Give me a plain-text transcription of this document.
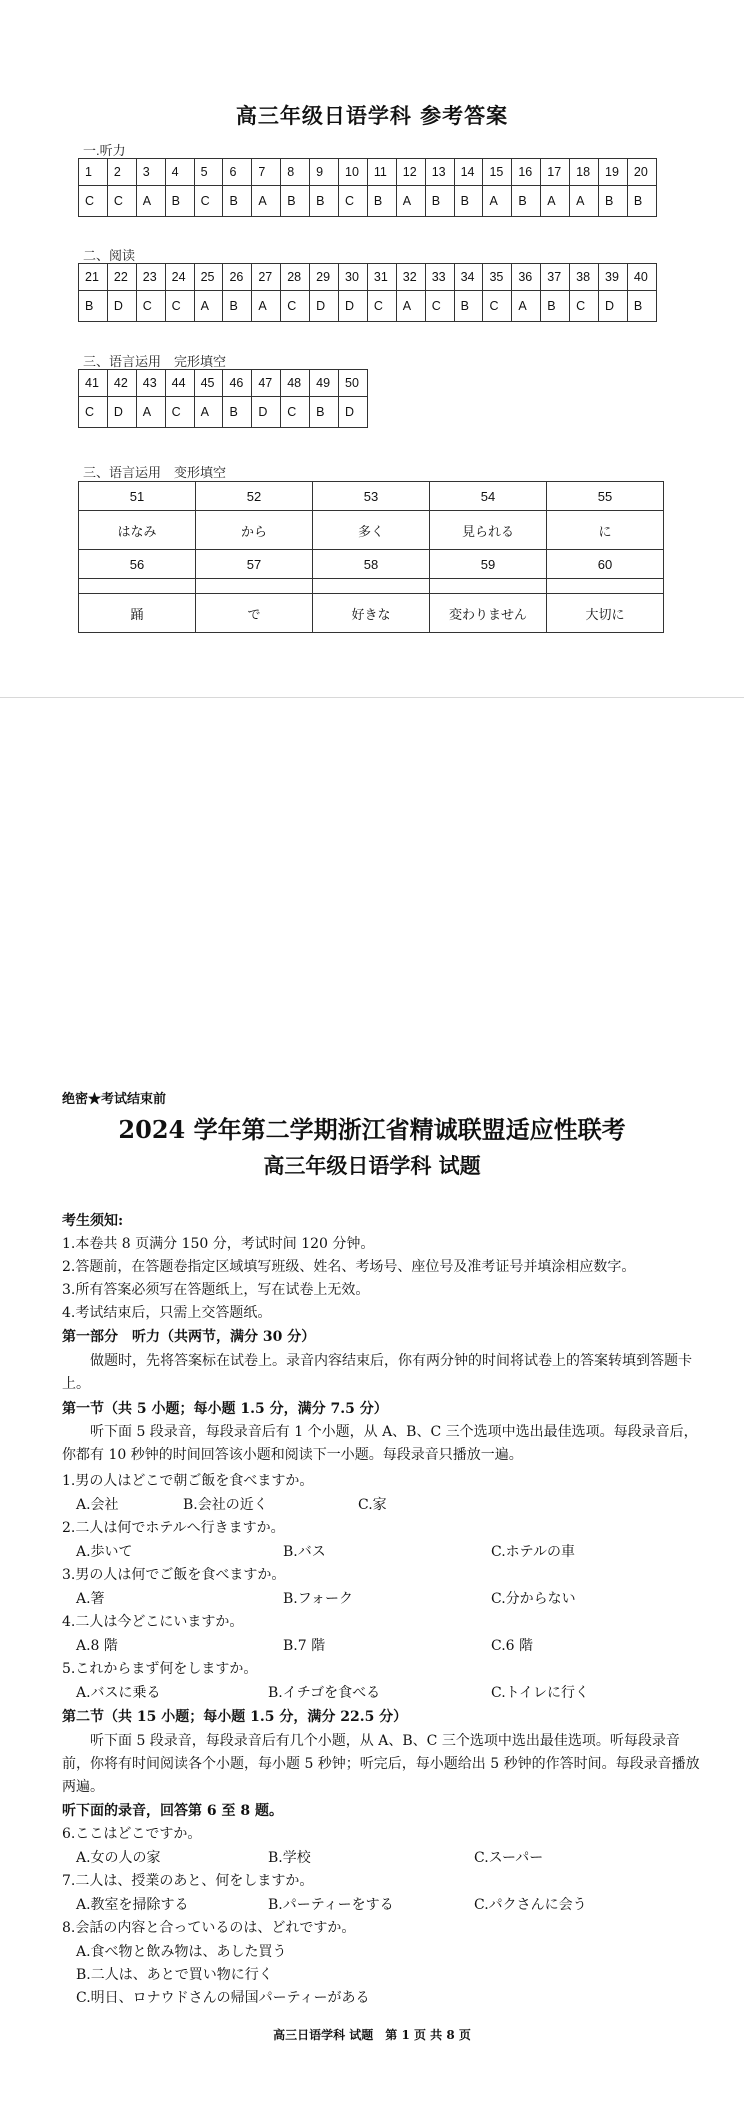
高三年级日语学科 参考答案
一.听力
1	2	3	4	5	6	7	8	9	10	11	12	13	14	15	16	17	18	19	20
C	C	A	B	C	B	A	B	B	C	B	A	B	B	A	B	A	A	B	B
二、阅读
21	22	23	24	25	26	27	28	29	30	31	32	33	34	35	36	37	38	39	40
B	D	C	C	A	B	A	C	D	D	C	A	C	B	C	A	B	C	D	B
三、语言运用　完形填空
41	42	43	44	45	46	47	48	49	50
C	D	A	C	A	B	D	C	B	D
三、语言运用　变形填空
51	52	53	54	55
はなみ	から	多く	見られる	に
56	57	58	59	60

踊	で	好きな	変わりません	大切に
绝密★考试结束前
2024 学年第二学期浙江省精诚联盟适应性联考
高三年级日语学科 试题
考生须知:
1.本卷共 8 页满分 150 分，考试时间 120 分钟。
2.答题前，在答题卷指定区域填写班级、姓名、考场号、座位号及准考证号并填涂相应数字。
3.所有答案必须写在答题纸上，写在试卷上无效。
4.考试结束后，只需上交答题纸。
第一部分　听力（共两节，满分 30 分）
做题时，先将答案标在试卷上。录音内容结束后，你有两分钟的时间将试卷上的答案转填到答题卡上。
第一节（共 5 小题；每小题 1.5 分，满分 7.5 分）
听下面 5 段录音，每段录音后有 1 个小题，从 A、B、C 三个选项中选出最佳选项。每段录音后，你都有 10 秒钟的时间回答该小题和阅读下一小题。每段录音只播放一遍。
1.男の人はどこで朝ご飯を食べますか。
A.会社	B.会社の近く	C.家
2.二人は何でホテルへ行きますか。
A.歩いて	B.バス	C.ホテルの車
3.男の人は何でご飯を食べますか。
A.箸	B.フォーク	C.分からない
4.二人は今どこにいますか。
A.8 階	B.7 階	C.6 階
5.これからまず何をしますか。
A.バスに乗る	B.イチゴを食べる	C.トイレに行く
第二节（共 15 小题；每小题 1.5 分，满分 22.5 分）
听下面 5 段录音，每段录音后有几个小题，从 A、B、C 三个选项中选出最佳选项。听每段录音前，你将有时间阅读各个小题，每小题 5 秒钟；听完后，每小题给出 5 秒钟的作答时间。每段录音播放两遍。
听下面的录音，回答第 6 至 8 题。
6.ここはどこですか。
A.女の人の家	B.学校	C.スーパー
7.二人は、授業のあと、何をしますか。
A.教室を掃除する	B.パーティーをする	C.パクさんに会う
8.会話の内容と合っているのは、どれですか。
A.食べ物と飲み物は、あした買う
B.二人は、あとで買い物に行く
C.明日、ロナウドさんの帰国パーティーがある
高三日语学科 试题　第 1 页 共 8 页
